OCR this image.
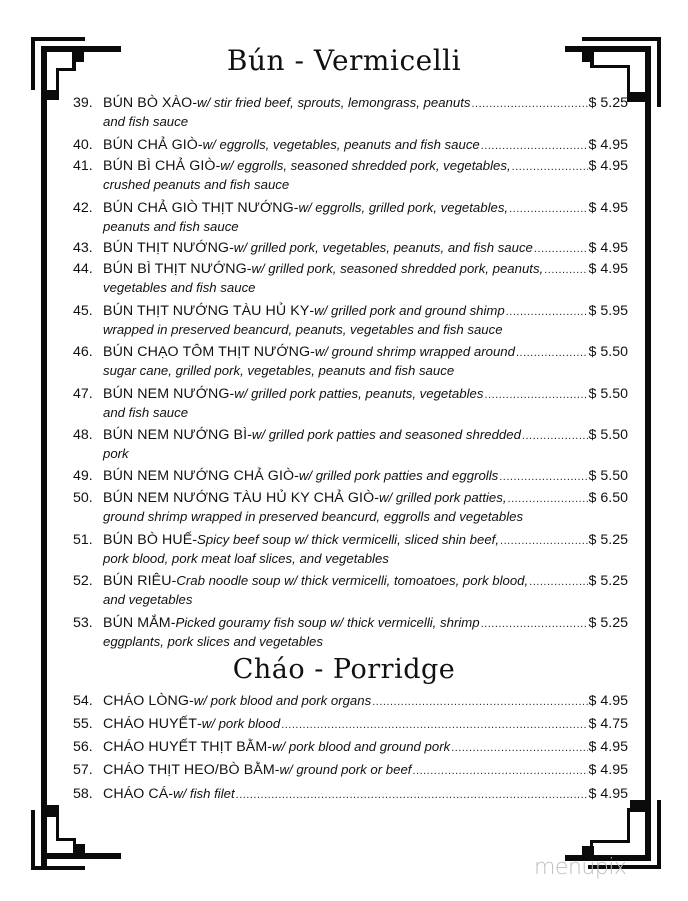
Bún - Vermicelli
39. BÚN BÒ XÀO - w/ stir fried beef, sprouts, lemongrass, peanuts .....	$ 5.25
and fish sauce
40. BÚN CHẢ GIÒ - w/ eggrolls, vegetables, peanuts and fish sauce .....	$ 4.95
41. BÚN BÌ CHẢ GIÒ - w/ eggrolls, seasoned shredded pork, vegetables, .....	$ 4.95
crushed peanuts and fish sauce
42. BÚN CHẢ GIÒ THỊT NƯỚNG - w/ eggrolls, grilled pork, vegetables, .....	$ 4.95
peanuts and fish sauce
43. BÚN THỊT NƯỚNG - w/ grilled pork, vegetables, peanuts, and fish sauce .....	$ 4.95
44. BÚN BÌ THỊT NƯỚNG - w/ grilled pork, seasoned shredded pork, peanuts, .....	$ 4.95
vegetables and fish sauce
45. BÚN THỊT NƯỚNG TÀU HỦ KY - w/ grilled pork and ground shimp .....	$ 5.95
wrapped in preserved beancurd, peanuts, vegetables and fish sauce
46. BÚN CHẠO TÔM THỊT NƯỚNG - w/ ground shrimp wrapped around .....	$ 5.50
sugar cane, grilled pork, vegetables, peanuts and fish sauce
47. BÚN NEM NƯỚNG - w/ grilled pork patties, peanuts, vegetables .....	$ 5.50
and fish sauce
48. BÚN NEM NƯỚNG BÌ - w/ grilled pork patties and seasoned shredded .....	$ 5.50
pork
49. BÚN NEM NƯỚNG CHẢ GIÒ - w/ grilled pork patties and eggrolls .....	$ 5.50
50. BÚN NEM NƯỚNG TÀU HỦ KY CHẢ GIÒ - w/ grilled pork patties, .....	$ 6.50
ground shrimp wrapped in preserved beancurd, eggrolls and vegetables
51. BÚN BÒ HUẾ - Spicy beef soup w/ thick vermicelli, sliced shin beef, .....	$ 5.25
pork blood, pork meat loaf slices, and vegetables
52. BÚN RIÊU - Crab noodle soup w/ thick vermicelli, tomoatoes, pork blood, .....	$ 5.25
and vegetables
53. BÚN MẮM - Picked gouramy fish soup w/ thick vermicelli, shrimp .....	$ 5.25
eggplants, pork slices and vegetables
Cháo - Porridge
54. CHÁO LÒNG - w/ pork blood and pork organs .....	$ 4.95
55. CHÁO HUYẾT - w/ pork blood .....	$ 4.75
56. CHÁO HUYẾT THỊT BẰM - w/ pork blood and ground pork .....	$ 4.95
57. CHÁO THỊT HEO/BÒ BẰM - w/ ground pork or beef .....	$ 4.95
58. CHÁO CÁ - w/ fish filet .....	$ 4.95
menupix
